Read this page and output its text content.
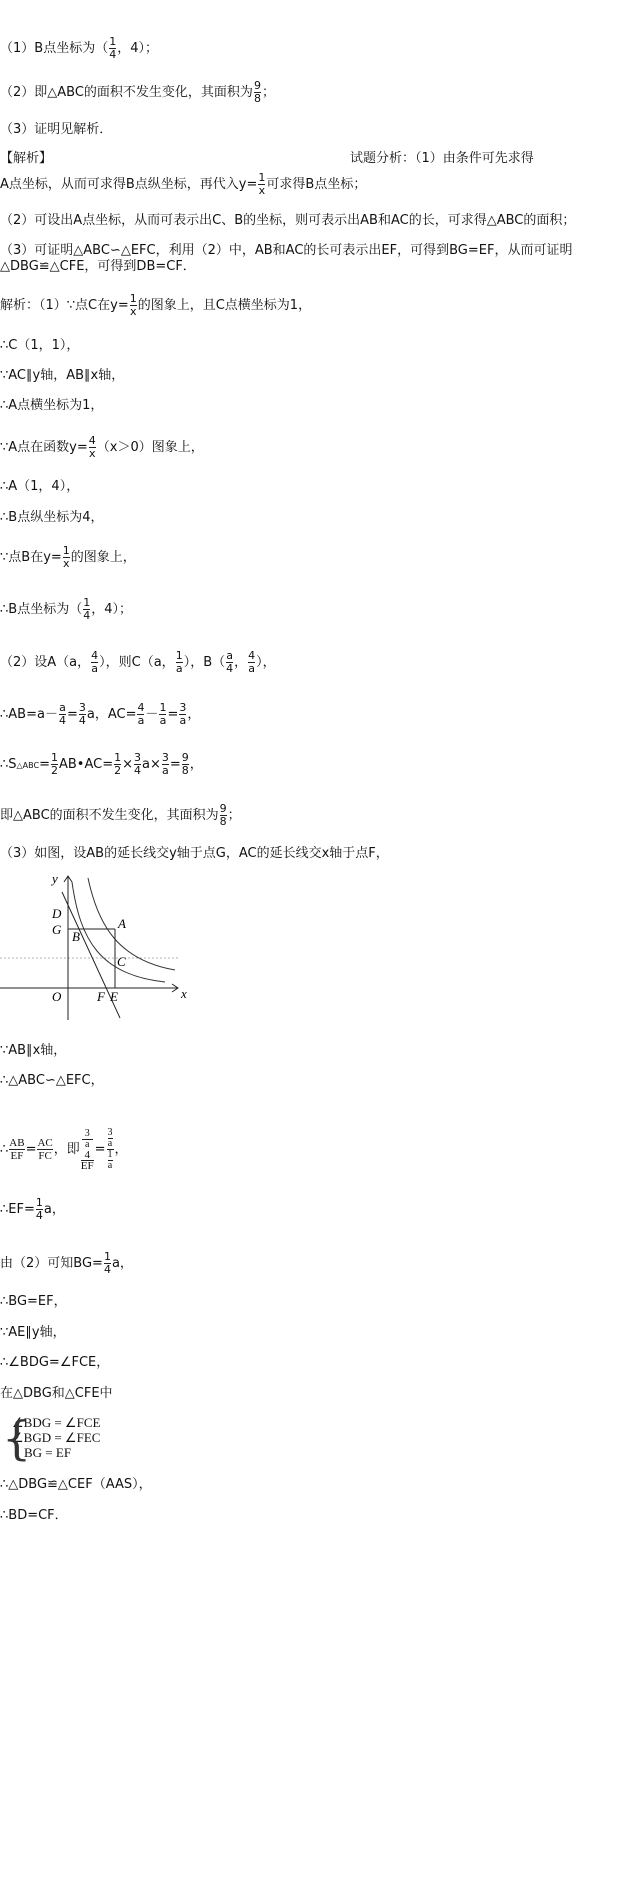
（1）B点坐标为（ $\frac{1}{4}$ ，4）；
（2）即△ABC的面积不发生变化，其面积为 $\frac{9}{8}$ ；
（3）证明见解析．
【解析】	试题分析：（1）由条件可先求得
A点坐标，从而可求得B点纵坐标，再代入$y= \frac{1}{x}$ 可求得B点坐标；
（2）可设出A点坐标，从而可表示出C、B的坐标，则可表示出AB和AC的长，可求得△ABC的面积；
（3）可证明△ABC∽△EFC，利用（2）中，AB和AC的长可表示出EF，可得到BG=EF，从而可证明
△DBG≌△CFE，可得到DB=CF．
解析：（1）∵点C在$y= \frac{1}{x}$ 的图象上，且C点横坐标为1，
∴C（1，1），
∵AC∥y轴，AB∥x轴，
∴A点横坐标为1，
∵A点在函数$y= \frac{4}{x} (x>0)$图象上，
∴A（1，4），
∴B点纵坐标为4，
∵点B在$y= \frac{1}{x}$ 的图象上，
∴B点坐标为（ $\frac{1}{4}$ ，4）；
（2）设A（a， $\frac{4}{a}$ ），则C（a， $\frac{1}{a}$ ），$B( \frac{a}{4}$ ， $\frac{4}{a}$ ），
∴AB=a－ $\frac{a}{4} = \frac{3}{4}$ a，$AC= \frac{4}{a} - \frac{1}{a} = \frac{3}{a}$ ，
∴S△ABC= $\frac{1}{2}$ AB•AC= $\frac{1}{2} \times \frac{3}{4} a\times \frac{3}{a} = \frac{9}{8}$ ，
即△ABC的面积不发生变化，其面积为 $\frac{9}{8}$ ；
（3）如图，设AB的延长线交y轴于点G，AC的延长线交x轴于点F，
y
x
O
D
G B
A
C
F E
∵AB∥x轴，
∴△ABC∽△EFC，
∴ $\frac{AB}{EF} = \frac{AC}{FC}$ ，即
3
a
4
EF
= 3
a
1
a ，
∴EF= $\frac{1}{4}$ a，
由（2）可知$BG= \frac{1}{4}$ a，
∴BG=EF，
∵AE∥y轴，
∴∠BDG=∠FCE，
在△DBG和△CFE中
{
∠BDG = ∠FCE
∠BGD = ∠FEC
BG = EF
∴△DBG≌△CEF（AAS），
∴BD=CF．
